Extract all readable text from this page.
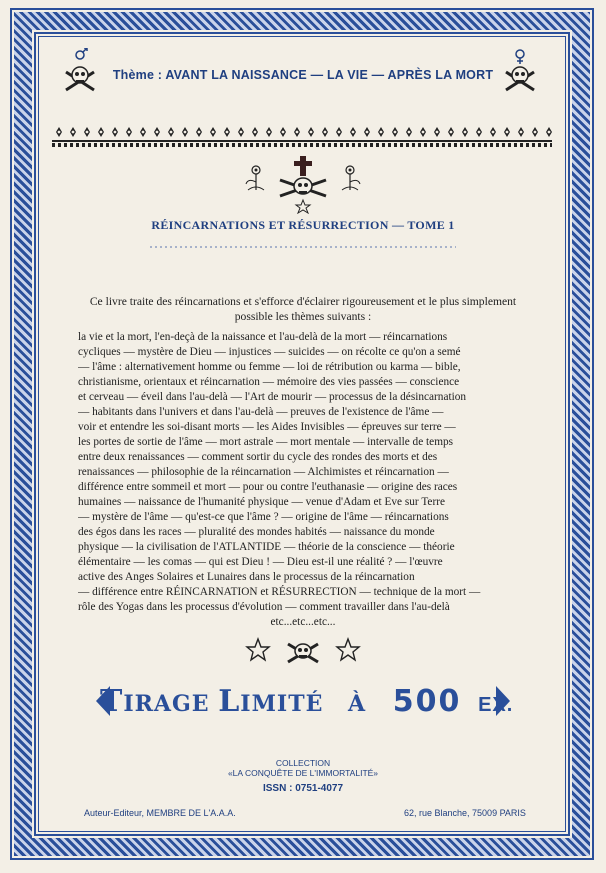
Thème : AVANT LA NAISSANCE — LA VIE — APRÈS LA MORT
RÉINCARNATIONS ET RÉSURRECTION — TOME 1
Ce livre traite des réincarnations et s'efforce d'éclairer rigoureusement et le plus simplement possible les thèmes suivants :

la vie et la mort, l'en-deçà de la naissance et l'au-delà de la mort — réincarnations

cycliques — mystère de Dieu — injustices — suicides — on récolte ce qu'on a semé

— l'âme : alternativement homme ou femme — loi de rétribution ou karma — bible,

christianisme, orientaux et réincarnation — mémoire des vies passées — conscience

et cerveau — éveil dans l'au-delà — l'Art de mourir — processus de la désincarnation

— habitants dans l'univers et dans l'au-delà — preuves de l'existence de l'âme —

voir et entendre les soi-disant morts — les Aides Invisibles — épreuves sur terre —

les portes de sortie de l'âme — mort astrale — mort mentale — intervalle de temps

entre deux renaissances — comment sortir du cycle des rondes des morts et des

renaissances — philosophie de la réincarnation — Alchimistes et réincarnation —

différence entre sommeil et mort — pour ou contre l'euthanasie — origine des races

humaines — naissance de l'humanité physique — venue d'Adam et Eve sur Terre

— mystère de l'âme — qu'est-ce que l'âme ? — origine de l'âme — réincarnations

des égos dans les races — pluralité des mondes habités — naissance du monde

physique — la civilisation de l'ATLANTIDE — théorie de la conscience — théorie

élémentaire — les comas — qui est Dieu ! — Dieu est-il une réalité ? — l'œuvre

active des Anges Solaires et Lunaires dans le processus de la réincarnation

— différence entre RÉINCARNATION et RÉSURRECTION — technique de la mort —

rôle des Yogas dans les processus d'évolution — comment travailler dans l'au-delà

etc...etc...etc...

TIRAGE LIMITÉ À 500 EX.
COLLECTION
«LA CONQUÊTE DE L'IMMORTALITÉ»
ISSN : 0751-4077
Auteur-Editeur, MEMBRE DE L'A.A.A.	62, rue Blanche, 75009 PARIS
